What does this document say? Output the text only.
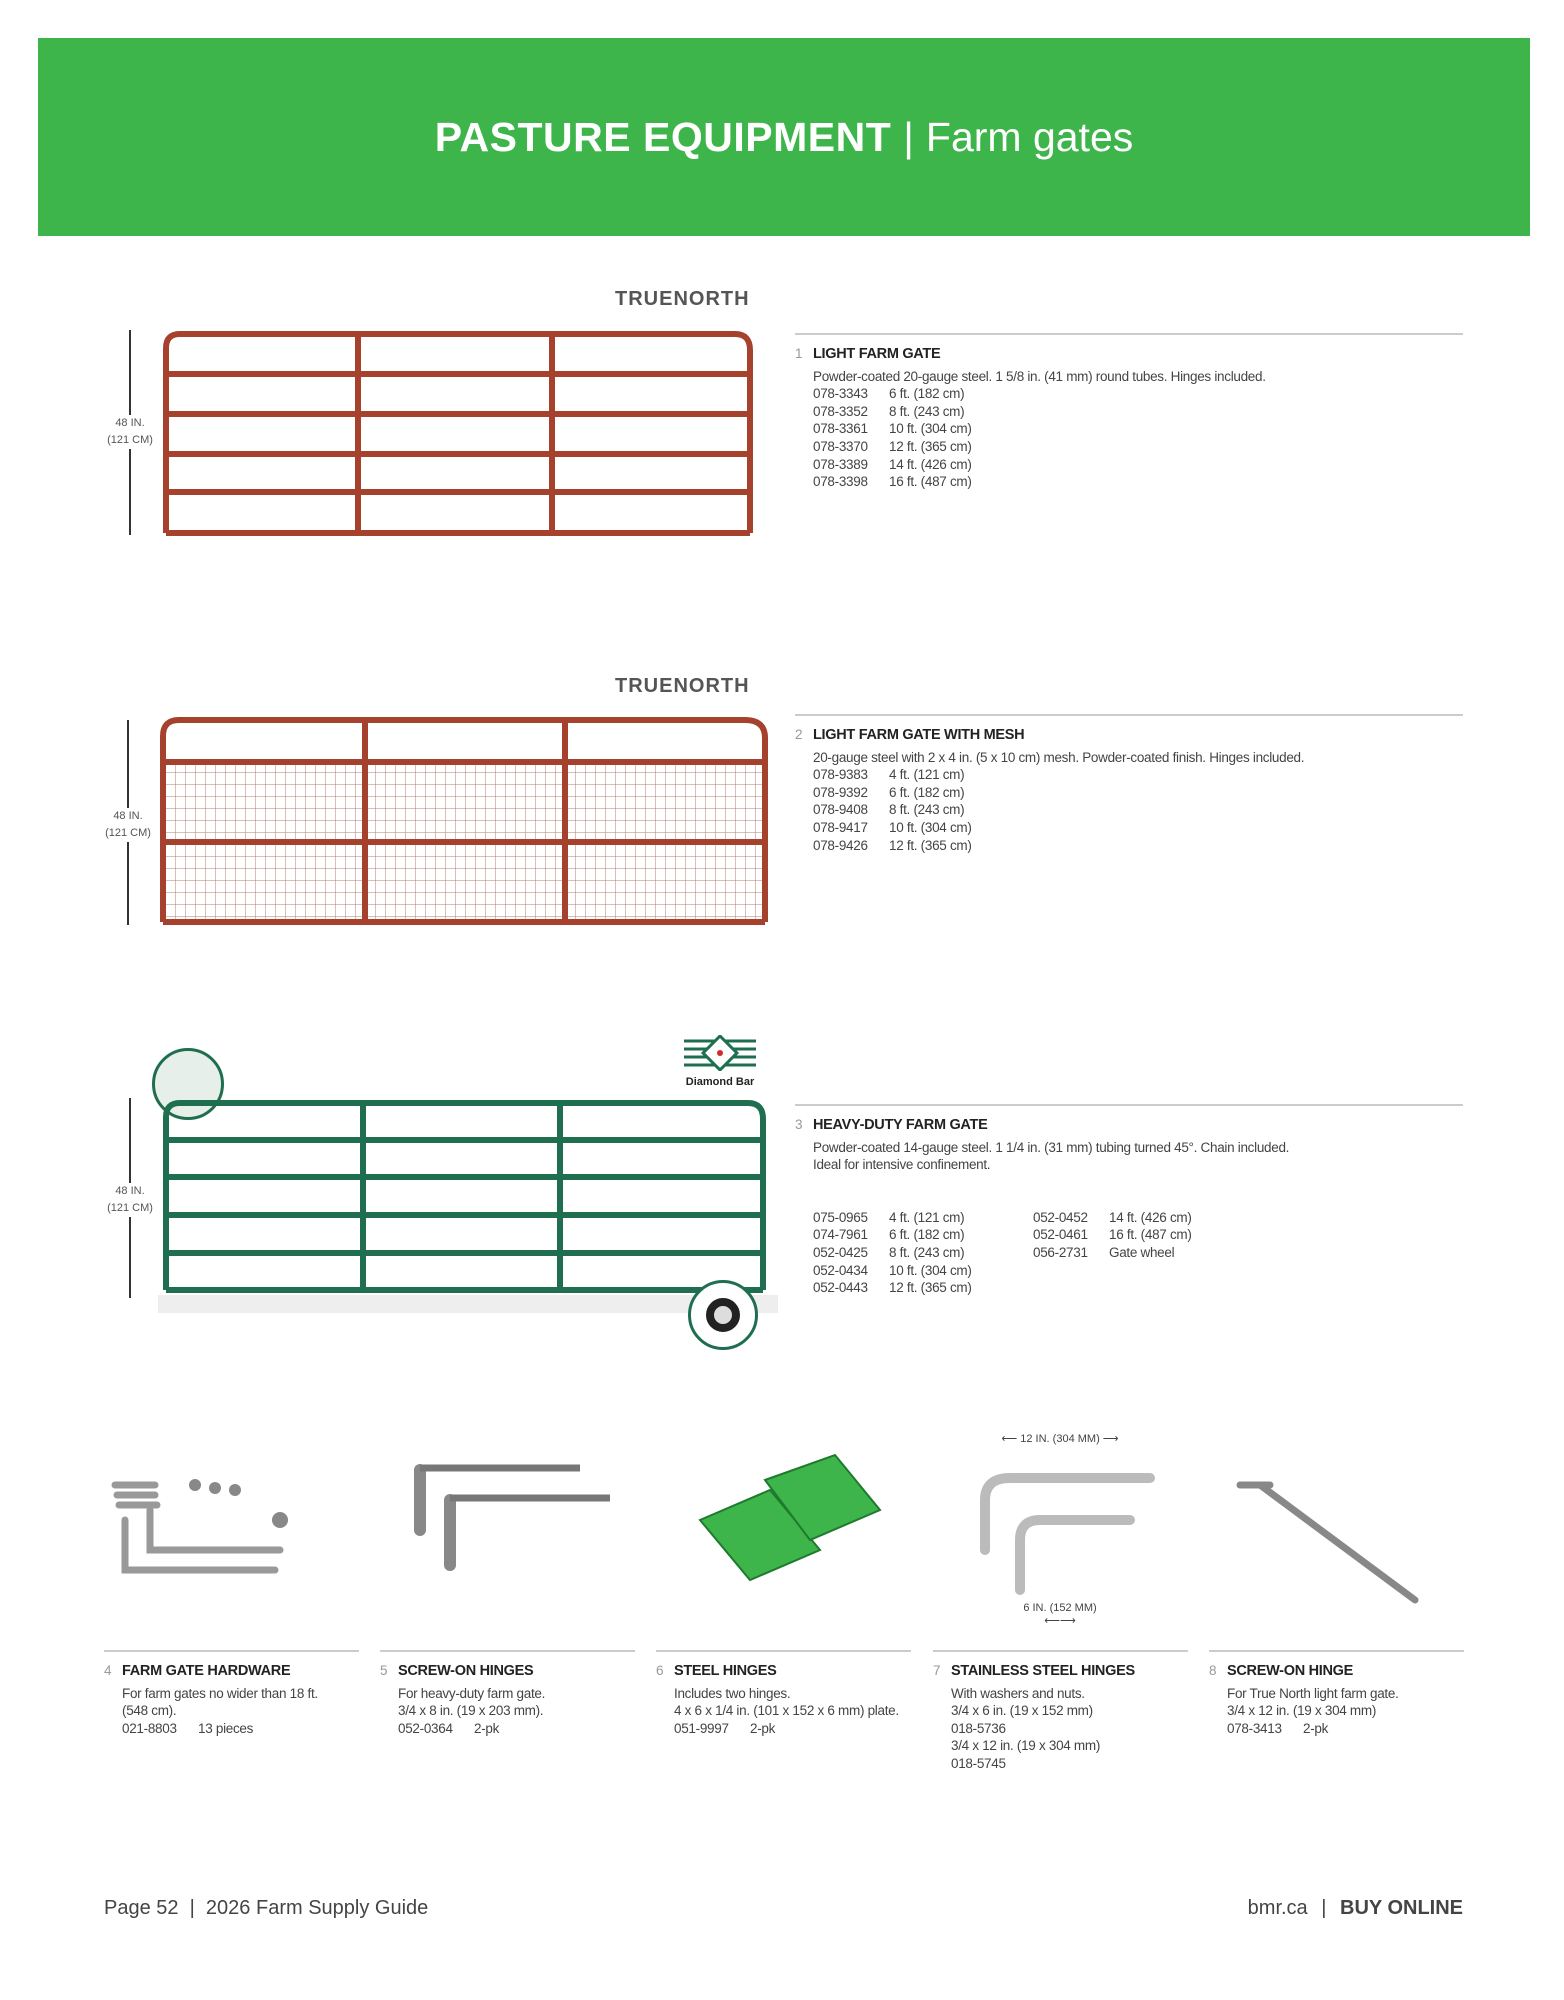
PASTURE EQUIPMENT | Farm gates
TRUENORTH
48 IN.
(121 CM)
1 LIGHT FARM GATE
Powder-coated 20-gauge steel. 1 5/8 in. (41 mm) round tubes. Hinges included.
078-3343	6 ft. (182 cm)
078-3352	8 ft. (243 cm)
078-3361	10 ft. (304 cm)
078-3370	12 ft. (365 cm)
078-3389	14 ft. (426 cm)
078-3398	16 ft. (487 cm)
TRUENORTH
48 IN.
(121 CM)
2 LIGHT FARM GATE WITH MESH
20-gauge steel with 2 x 4 in. (5 x 10 cm) mesh. Powder-coated finish. Hinges included.
078-9383	4 ft. (121 cm)
078-9392	6 ft. (182 cm)
078-9408	8 ft. (243 cm)
078-9417	10 ft. (304 cm)
078-9426	12 ft. (365 cm)
Diamond Bar
48 IN.
(121 CM)
3 HEAVY-DUTY FARM GATE
Powder-coated 14-gauge steel. 1 1/4 in. (31 mm) tubing turned 45°. Chain included.
Ideal for intensive confinement.
075-0965	4 ft. (121 cm)
074-7961	6 ft. (182 cm)
052-0425	8 ft. (243 cm)
052-0434	10 ft. (304 cm)
052-0443	12 ft. (365 cm)
052-0452	14 ft. (426 cm)
052-0461	16 ft. (487 cm)
056-2731	Gate wheel
⟵ 12 IN. (304 MM) ⟶
6 IN. (152 MM)
⟵⟶
4 FARM GATE HARDWARE
For farm gates no wider than 18 ft.
(548 cm).
021-8803	13 pieces
5 SCREW-ON HINGES
For heavy-duty farm gate.
3/4 x 8 in. (19 x 203 mm).
052-0364	2-pk
6 STEEL HINGES
Includes two hinges.
4 x 6 x 1/4 in. (101 x 152 x 6 mm) plate.
051-9997	2-pk
7 STAINLESS STEEL HINGES
With washers and nuts.
3/4 x 6 in. (19 x 152 mm)
018-5736
3/4 x 12 in. (19 x 304 mm)
018-5745
8 SCREW-ON HINGE
For True North light farm gate.
3/4 x 12 in. (19 x 304 mm)
078-3413	2-pk
Page 52  |  2026 Farm Supply Guide	bmr.ca | BUY ONLINE
